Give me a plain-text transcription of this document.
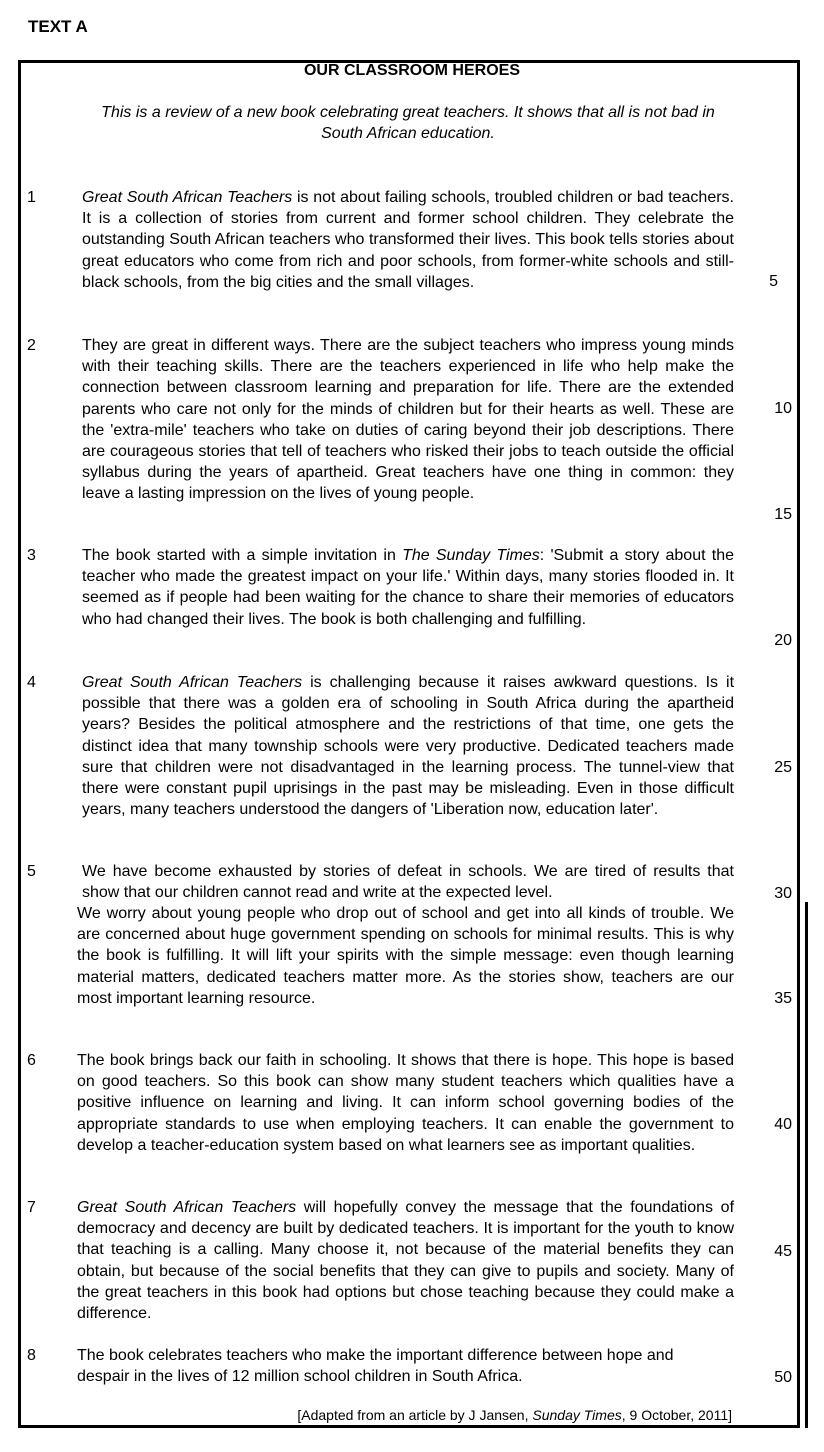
TEXT A
OUR CLASSROOM HEROES
This is a review of a new book celebrating great teachers. It shows that all is not bad in South African education.
1	Great South African Teachers is not about failing schools, troubled children or bad teachers. It is a collection of stories from current and former school children. They celebrate the outstanding South African teachers who transformed their lives. This book tells stories about great educators who come from rich and poor schools, from former-white schools and still-black schools, from the big cities and the small villages.
2	They are great in different ways. There are the subject teachers who impress young minds with their teaching skills. There are the teachers experienced in life who help make the connection between classroom learning and preparation for life. There are the extended parents who care not only for the minds of children but for their hearts as well. These are the 'extra-mile' teachers who take on duties of caring beyond their job descriptions. There are courageous stories that tell of teachers who risked their jobs to teach outside the official syllabus during the years of apartheid. Great teachers have one thing in common: they leave a lasting impression on the lives of young people.
3	The book started with a simple invitation in The Sunday Times: 'Submit a story about the teacher who made the greatest impact on your life.' Within days, many stories flooded in. It seemed as if people had been waiting for the chance to share their memories of educators who had changed their lives. The book is both challenging and fulfilling.
4	Great South African Teachers is challenging because it raises awkward questions. Is it possible that there was a golden era of schooling in South Africa during the apartheid years? Besides the political atmosphere and the restrictions of that time, one gets the distinct idea that many township schools were very productive. Dedicated teachers made sure that children were not disadvantaged in the learning process. The tunnel-view that there were constant pupil uprisings in the past may be misleading. Even in those difficult years, many teachers understood the dangers of 'Liberation now, education later'.
5	We have become exhausted by stories of defeat in schools. We are tired of results that show that our children cannot read and write at the expected level.
We worry about young people who drop out of school and get into all kinds of trouble. We are concerned about huge government spending on schools for minimal results. This is why the book is fulfilling. It will lift your spirits with the simple message: even though learning material matters, dedicated teachers matter more. As the stories show, teachers are our most important learning resource.
6	The book brings back our faith in schooling. It shows that there is hope. This hope is based on good teachers. So this book can show many student teachers which qualities have a positive influence on learning and living. It can inform school governing bodies of the appropriate standards to use when employing teachers. It can enable the government to develop a teacher-education system based on what learners see as important qualities.
7	Great South African Teachers will hopefully convey the message that the foundations of democracy and decency are built by dedicated teachers. It is important for the youth to know that teaching is a calling. Many choose it, not because of the material benefits they can obtain, but because of the social benefits that they can give to pupils and society. Many of the great teachers in this book had options but chose teaching because they could make a difference.
8	The book celebrates teachers who make the important difference between hope and despair in the lives of 12 million school children in South Africa.
5
10
15
20
25
30
35
40
45
50
[Adapted from an article by J Jansen, Sunday Times, 9 October, 2011]
